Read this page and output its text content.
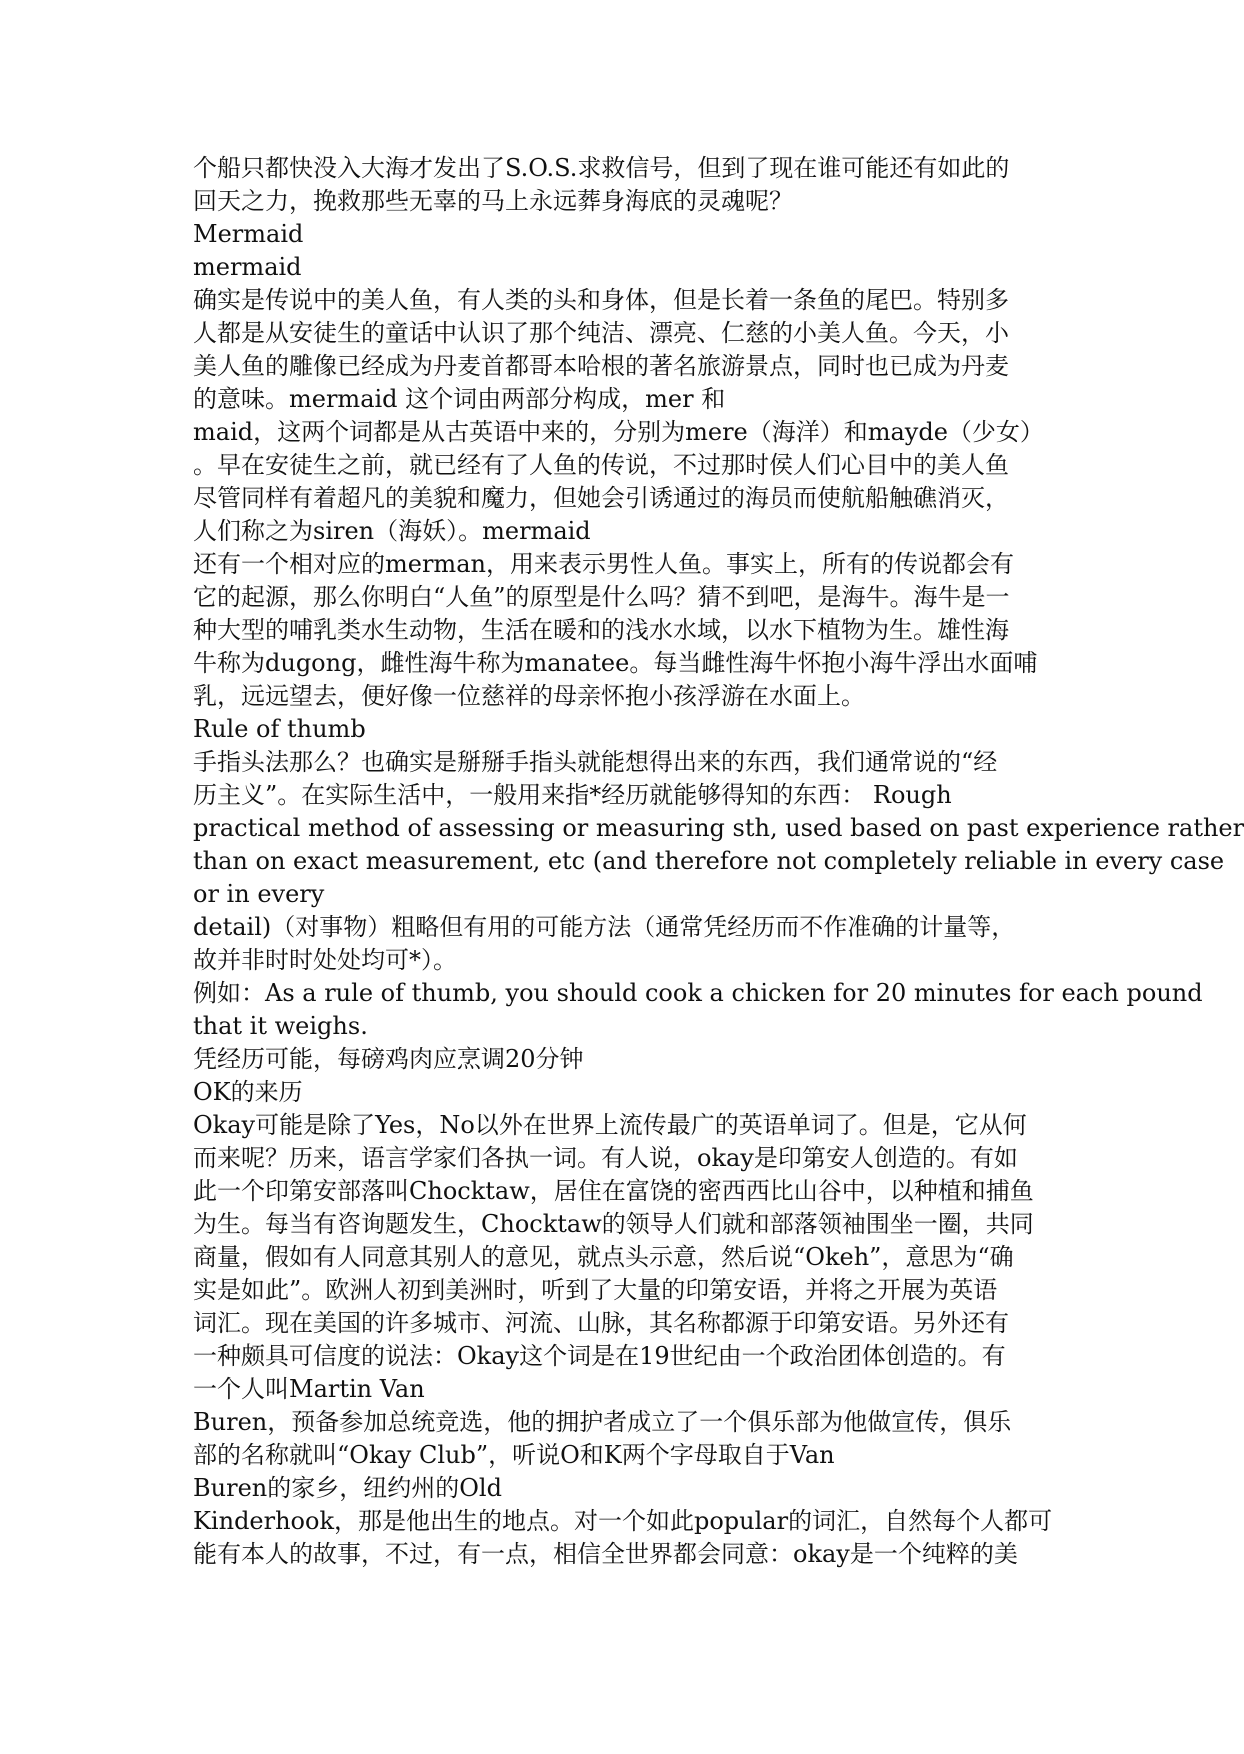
个船只都快没入大海才发出了S.O.S.求救信号，但到了现在谁可能还有如此的
回天之力，挽救那些无辜的马上永远葬身海底的灵魂呢？
Mermaid
mermaid
确实是传说中的美人鱼，有人类的头和身体，但是长着一条鱼的尾巴。特别多
人都是从安徒生的童话中认识了那个纯洁、漂亮、仁慈的小美人鱼。今天，小
美人鱼的雕像已经成为丹麦首都哥本哈根的著名旅游景点，同时也已成为丹麦
的意味。mermaid 这个词由两部分构成，mer 和
maid，这两个词都是从古英语中来的，分别为mere（海洋）和mayde（少女）
。早在安徒生之前，就已经有了人鱼的传说，不过那时侯人们心目中的美人鱼
尽管同样有着超凡的美貌和魔力，但她会引诱通过的海员而使航船触礁消灭，
人们称之为siren（海妖）。mermaid
还有一个相对应的merman，用来表示男性人鱼。事实上，所有的传说都会有
它的起源，那么你明白“人鱼”的原型是什么吗？猜不到吧，是海牛。海牛是一
种大型的哺乳类水生动物，生活在暖和的浅水水域，以水下植物为生。雄性海
牛称为dugong，雌性海牛称为manatee。每当雌性海牛怀抱小海牛浮出水面哺
乳，远远望去，便好像一位慈祥的母亲怀抱小孩浮游在水面上。
Rule of thumb
手指头法那么？也确实是掰掰手指头就能想得出来的东西，我们通常说的“经
历主义”。在实际生活中，一般用来指*经历就能够得知的东西： Rough
practical method of assessing or measuring sth, used based on past experience rather
than on exact measurement, etc (and therefore not completely reliable in every case
or in every
detail)（对事物）粗略但有用的可能方法（通常凭经历而不作准确的计量等，
故并非时时处处均可*）。
例如：As a rule of thumb, you should cook a chicken for 20 minutes for each pound
that it weighs.
凭经历可能，每磅鸡肉应烹调20分钟
OK的来历
Okay可能是除了Yes，No以外在世界上流传最广的英语单词了。但是，它从何
而来呢？历来，语言学家们各执一词。有人说，okay是印第安人创造的。有如
此一个印第安部落叫Chocktaw，居住在富饶的密西西比山谷中，以种植和捕鱼
为生。每当有咨询题发生，Chocktaw的领导人们就和部落领袖围坐一圈，共同
商量，假如有人同意其别人的意见，就点头示意，然后说“Okeh”，意思为“确
实是如此”。欧洲人初到美洲时，听到了大量的印第安语，并将之开展为英语
词汇。现在美国的许多城市、河流、山脉，其名称都源于印第安语。另外还有
一种颇具可信度的说法：Okay这个词是在19世纪由一个政治团体创造的。有
一个人叫Martin Van
Buren，预备参加总统竞选，他的拥护者成立了一个俱乐部为他做宣传，俱乐
部的名称就叫“Okay Club”，听说O和K两个字母取自于Van
Buren的家乡，纽约州的Old
Kinderhook，那是他出生的地点。对一个如此popular的词汇，自然每个人都可
能有本人的故事，不过，有一点，相信全世界都会同意：okay是一个纯粹的美
